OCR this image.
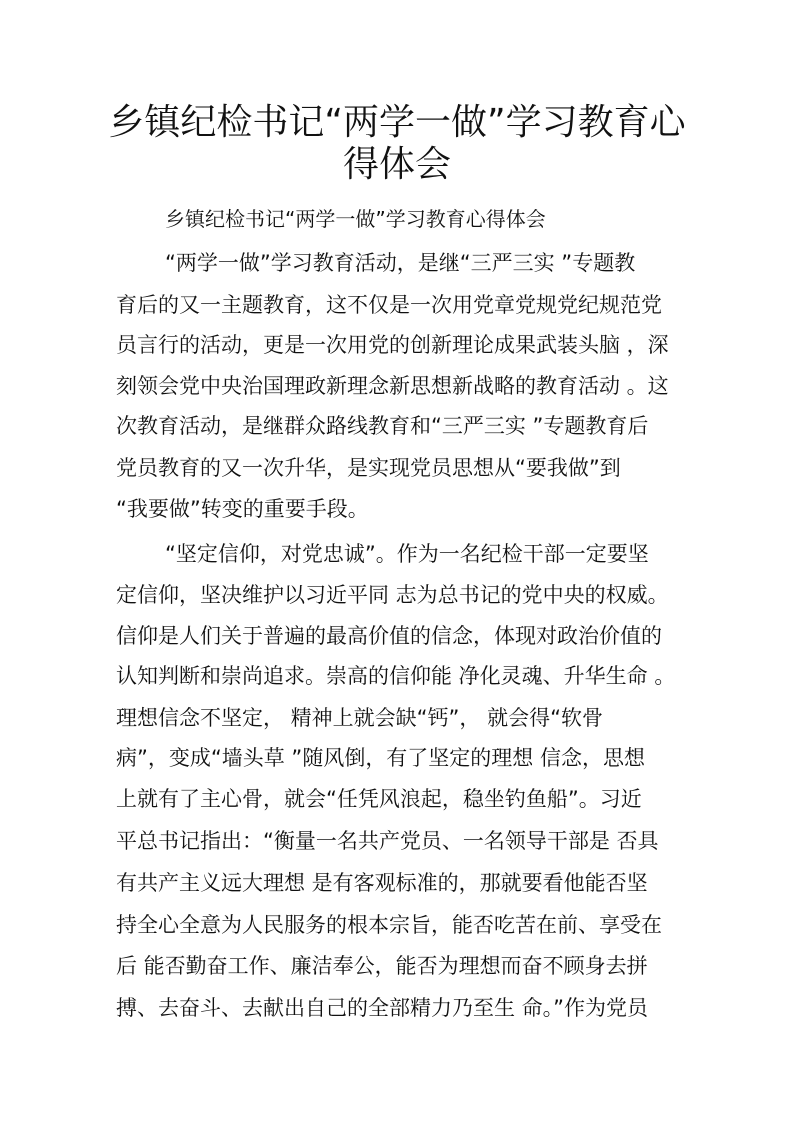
乡镇纪检书记“两学一做”学习教育心
得体会

乡镇纪检书记“两学一做”学习教育心得体会

“两学一做”学习教育活动，是继“三严三实 ”专题教

育后的又一主题教育，这不仅是一次用党章党规党纪规范党

员言行的活动，更是一次用党的创新理论成果武装头脑 ，深

刻领会党中央治国理政新理念新思想新战略的教育活动 。这

次教育活动，是继群众路线教育和“三严三实 ”专题教育后

党员教育的又一次升华，是实现党员思想从“要我做”到

“我要做”转变的重要手段。

“坚定信仰，对党忠诚”。作为一名纪检干部一定要坚

定信仰，坚决维护以习近平同 志为总书记的党中央的权威。

信仰是人们关于普遍的最高价值的信念，体现对政治价值的

认知判断和崇尚追求。崇高的信仰能 净化灵魂、升华生命 。

理想信念不坚定， 精神上就会缺“钙”， 就会得“软骨

病”，变成“墙头草 ”随风倒，有了坚定的理想 信念，思想

上就有了主心骨，就会“任凭风浪起，稳坐钓鱼船”。习近

平总书记指出：“衡量一名共产党员、一名领导干部是 否具

有共产主义远大理想 是有客观标准的，那就要看他能否坚

持全心全意为人民服务的根本宗旨，能否吃苦在前、享受在

后 能否勤奋工作、廉洁奉公，能否为理想而奋不顾身去拼

搏、去奋斗、去献出自己的全部精力乃至生 命。”作为党员
